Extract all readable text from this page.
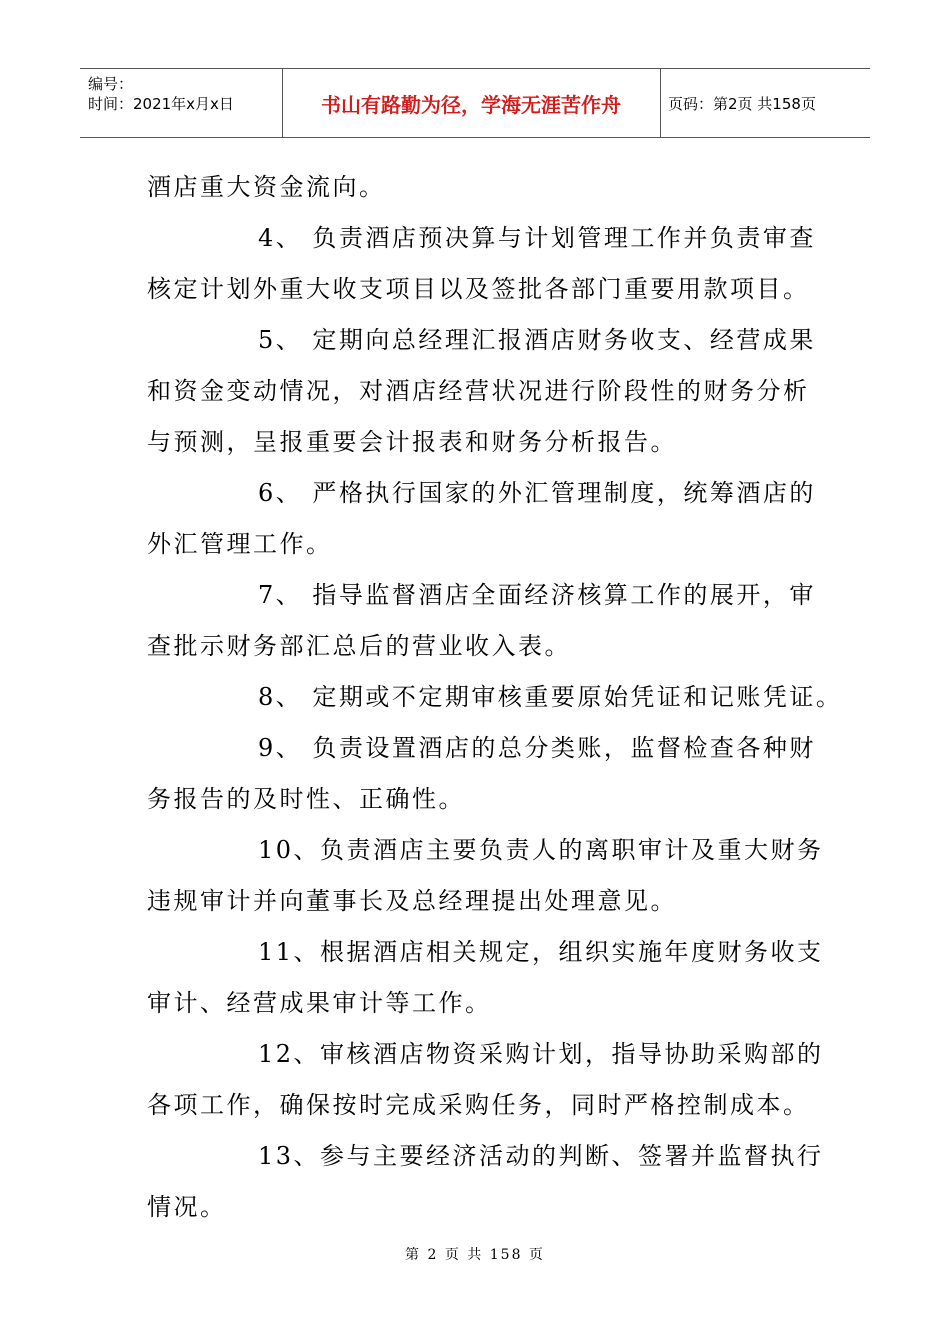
编号：
时间：2021年x月x日	书山有路勤为径，学海无涯苦作舟	页码：第2页 共158页

酒店重大资金流向。
4、 负责酒店预决算与计划管理工作并负责审查
核定计划外重大收支项目以及签批各部门重要用款项目。
5、 定期向总经理汇报酒店财务收支、经营成果
和资金变动情况，对酒店经营状况进行阶段性的财务分析
与预测，呈报重要会计报表和财务分析报告。
6、 严格执行国家的外汇管理制度，统筹酒店的
外汇管理工作。
7、 指导监督酒店全面经济核算工作的展开，审
查批示财务部汇总后的营业收入表。
8、 定期或不定期审核重要原始凭证和记账凭证。
9、 负责设置酒店的总分类账，监督检查各种财
务报告的及时性、正确性。
10、负责酒店主要负责人的离职审计及重大财务
违规审计并向董事长及总经理提出处理意见。
11、根据酒店相关规定，组织实施年度财务收支
审计、经营成果审计等工作。
12、审核酒店物资采购计划，指导协助采购部的
各项工作，确保按时完成采购任务，同时严格控制成本。
13、参与主要经济活动的判断、签署并监督执行
情况。

第 2 页 共 158 页
